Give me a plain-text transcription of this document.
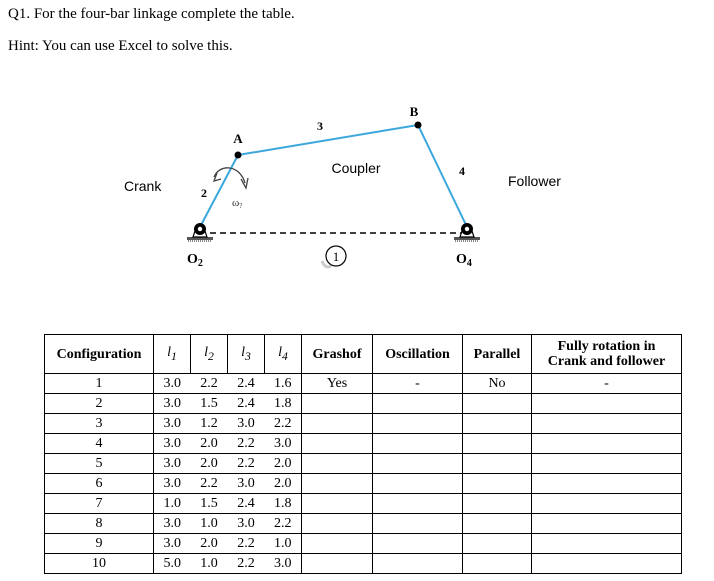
Q1. For the four-bar linkage complete the table.
Hint: You can use Excel to solve this.
1
A
B
3
4
2
Coupler
Crank	Follower
ω?
$O_2$	$O_4$
Configuration	$l_1$	$l_2$	$l_3$	$l_4$	Grashof	Oscillation	Parallel	Fully rotation in
Crank and follower
1	3.0	2.2	2.4	1.6	Yes	-	No	-
2	3.0	1.5	2.4	1.8				
3	3.0	1.2	3.0	2.2				
4	3.0	2.0	2.2	3.0				
5	3.0	2.0	2.2	2.0				
6	3.0	2.2	3.0	2.0				
7	1.0	1.5	2.4	1.8				
8	3.0	1.0	3.0	2.2				
9	3.0	2.0	2.2	1.0				
10	5.0	1.0	2.2	3.0				
